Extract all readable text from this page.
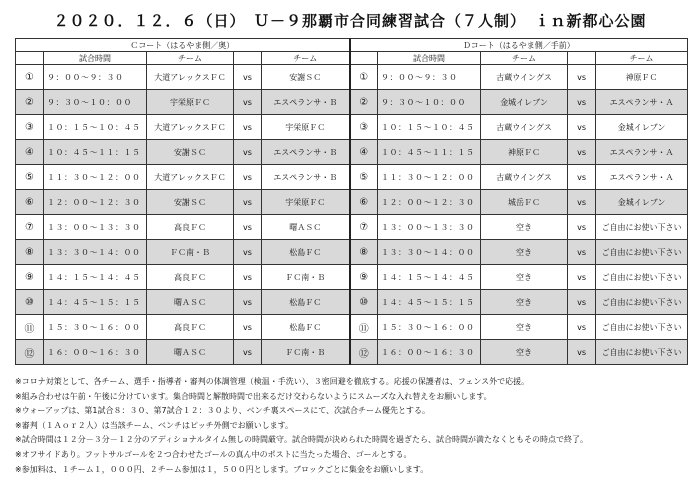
２０２０．１２．６（日）　Ｕ－９那覇市合同練習試合（７人制）　ｉｎ新都心公園
Ｃコート（はるやま側／奥）					Ｄコート（はるやま側／手前）				
	試合時間	チーム		チーム		試合時間	チーム		チーム
①	９：００～９：３０	大道アレックスＦＣ	vs	安謝ＳＣ	①	９：００～９：３０	古蔵ウイングス	vs	神原ＦＣ
②	９：３０～１０：００	宇栄原ＦＣ	vs	エスペランサ・Ｂ	②	９：３０～１０：００	金城イレブン	vs	エスペランサ・Ａ
③	１０：１５～１０：４５	大道アレックスＦＣ	vs	宇栄原ＦＣ	③	１０：１５～１０：４５	古蔵ウイングス	vs	金城イレブン
④	１０：４５～１１：１５	安謝ＳＣ	vs	エスペランサ・Ｂ	④	１０：４５～１１：１５	神原ＦＣ	vs	エスペランサ・Ａ
⑤	１１：３０～１２：００	大道アレックスＦＣ	vs	エスペランサ・Ｂ	⑤	１１：３０～１２：００	古蔵ウイングス	vs	エスペランサ・Ａ
⑥	１２：００～１２：３０	安謝ＳＣ	vs	宇栄原ＦＣ	⑥	１２：００～１２：３０	城岳ＦＣ	vs	金城イレブン
⑦	１３：００～１３：３０	高良ＦＣ	vs	曙ＡＳＣ	⑦	１３：００～１３：３０	空き	vs	ご自由にお使い下さい
⑧	１３：３０～１４：００	ＦＣ南・Ｂ	vs	松島ＦＣ	⑧	１３：３０～１４：００	空き	vs	ご自由にお使い下さい
⑨	１４：１５～１４：４５	高良ＦＣ	vs	ＦＣ南・Ｂ	⑨	１４：１５～１４：４５	空き	vs	ご自由にお使い下さい
⑩	１４：４５～１５：１５	曙ＡＳＣ	vs	松島ＦＣ	⑩	１４：４５～１５：１５	空き	vs	ご自由にお使い下さい
⑪	１５：３０～１６：００	高良ＦＣ	vs	松島ＦＣ	⑪	１５：３０～１６：００	空き	vs	ご自由にお使い下さい
⑫	１６：００～１６：３０	曙ＡＳＣ	vs	ＦＣ南・Ｂ	⑫	１６：００～１６：３０	空き	vs	ご自由にお使い下さい
※コロナ対策として、各チーム、選手・指導者・審判の体調管理（検温・手洗い）、３密回避を徹底する。応援の保護者は、フェンス外で応援。
※組み合わせは午前・午後に分けています。集合時間と解散時間で出来るだけ交わらないようにスムーズな入れ替えをお願いします。
※ウォーアップは、第1試合８：３０、第7試合１２：３０より、ベンチ裏スペースにて、次試合チーム優先とする。
※審判（１Ａｏｒ２人）は当該チーム、ベンチはピッチ外側でお願いします。
※試合時間は１２分－３分－１２分のアディショナルタイム無しの時間厳守。試合時間が決められた時間を過ぎたら、試合時間が満たなくともその時点で終了。
※オフサイドあり。フットサルゴールを２つ合わせたゴールの真ん中のポストに当たった場合、ゴールとする。
※参加料は、１チーム１，０００円、２チーム参加は１，５００円とします。ブロックごとに集金をお願いします。
